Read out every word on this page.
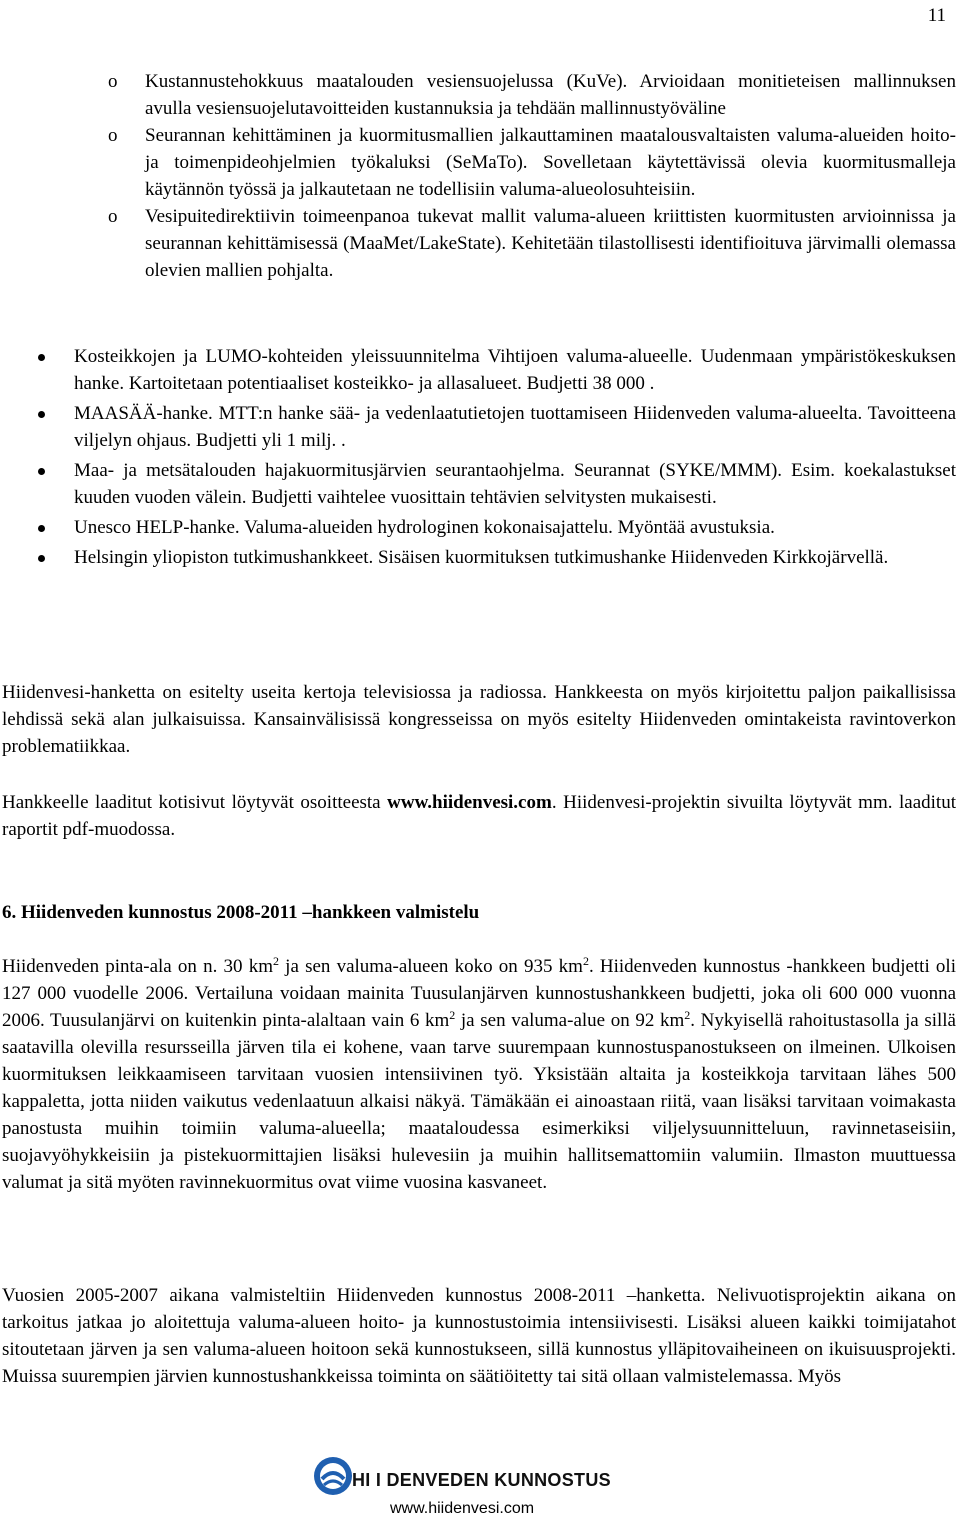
11
o Kustannustehokkuus maatalouden vesiensuojelussa (KuVe). Arvioidaan monitieteisen mallinnuksen avulla vesiensuojelutavoitteiden kustannuksia ja tehdään mallinnustyöväline
o Seurannan kehittäminen ja kuormitusmallien jalkauttaminen maatalousvaltaisten valuma-alueiden hoito- ja toimenpideohjelmien työkaluksi (SeMaTo). Sovelletaan käytettävissä olevia kuormitusmalleja käytännön työssä ja jalkautetaan ne todellisiin valuma-alueolosuhteisiin.
o Vesipuitedirektiivin toimeenpanoa tukevat mallit valuma-alueen kriittisten kuormitusten arvioinnissa ja seurannan kehittämisessä (MaaMet/LakeState). Kehitetään tilastollisesti identifioituva järvimalli olemassa olevien mallien pohjalta.
Kosteikkojen ja LUMO-kohteiden yleissuunnitelma Vihtijoen valuma-alueelle. Uudenmaan ympäristökeskuksen hanke. Kartoitetaan potentiaaliset kosteikko- ja allasalueet. Budjetti 38 000 .
MAASÄÄ-hanke. MTT:n hanke sää- ja vedenlaatutietojen tuottamiseen Hiidenveden valuma-alueelta. Tavoitteena viljelyn ohjaus. Budjetti yli 1 milj. .
Maa- ja metsätalouden hajakuormitusjärvien seurantaohjelma. Seurannat (SYKE/MMM). Esim. koekalastukset kuuden vuoden välein. Budjetti vaihtelee vuosittain tehtävien selvitysten mukaisesti.
Unesco HELP-hanke. Valuma-alueiden hydrologinen kokonaisajattelu. Myöntää avustuksia.
Helsingin yliopiston tutkimushankkeet. Sisäisen kuormituksen tutkimushanke Hiidenveden Kirkkojärvellä.
Hiidenvesi-hanketta on esitelty useita kertoja televisiossa ja radiossa. Hankkeesta on myös kirjoitettu paljon paikallisissa lehdissä sekä alan julkaisuissa. Kansainvälisissä kongresseissa on myös esitelty Hiidenveden omintakeista ravintoverkon problematiikkaa.
Hankkeelle laaditut kotisivut löytyvät osoitteesta www.hiidenvesi.com. Hiidenvesi-projektin sivuilta löytyvät mm. laaditut raportit pdf-muodossa.
6. Hiidenveden kunnostus 2008-2011 –hankkeen valmistelu
Hiidenveden pinta-ala on n. 30 $km^2$ ja sen valuma-alueen koko on 935 $km^2$. Hiidenveden kunnostus -hankkeen budjetti oli 127 000 vuodelle 2006. Vertailuna voidaan mainita Tuusulanjärven kunnostushankkeen budjetti, joka oli 600 000 vuonna 2006. Tuusulanjärvi on kuitenkin pinta-alaltaan vain 6 $km^2$ ja sen valuma-alue on 92 $km^2$. Nykyisellä rahoitustasolla ja sillä saatavilla olevilla resursseilla järven tila ei kohene, vaan tarve suurempaan kunnostuspanostukseen on ilmeinen. Ulkoisen kuormituksen leikkaamiseen tarvitaan vuosien intensiivinen työ. Yksistään altaita ja kosteikkoja tarvitaan lähes 500 kappaletta, jotta niiden vaikutus vedenlaatuun alkaisi näkyä. Tämäkään ei ainoastaan riitä, vaan lisäksi tarvitaan voimakasta panostusta muihin toimiin valuma-alueella; maataloudessa esimerkiksi viljelysuunnitteluun, ravinnetaseisiin, suojavyöhykkeisiin ja pistekuormittajien lisäksi hulevesiin ja muihin hallitsemattomiin valumiin. Ilmaston muuttuessa valumat ja sitä myöten ravinnekuormitus ovat viime vuosina kasvaneet.
Vuosien 2005-2007 aikana valmisteltiin Hiidenveden kunnostus 2008-2011 –hanketta. Nelivuotisprojektin aikana on tarkoitus jatkaa jo aloitettuja valuma-alueen hoito- ja kunnostustoimia intensiivisesti. Lisäksi alueen kaikki toimijatahot sitoutetaan järven ja sen valuma-alueen hoitoon sekä kunnostukseen, sillä kunnostus ylläpitovaiheineen on ikuisuusprojekti. Muissa suurempien järvien kunnostushankkeissa toiminta on säätiöitetty tai sitä ollaan valmistelemassa. Myös
HI I DENVEDEN KUNNOSTUS
www.hiidenvesi.com
